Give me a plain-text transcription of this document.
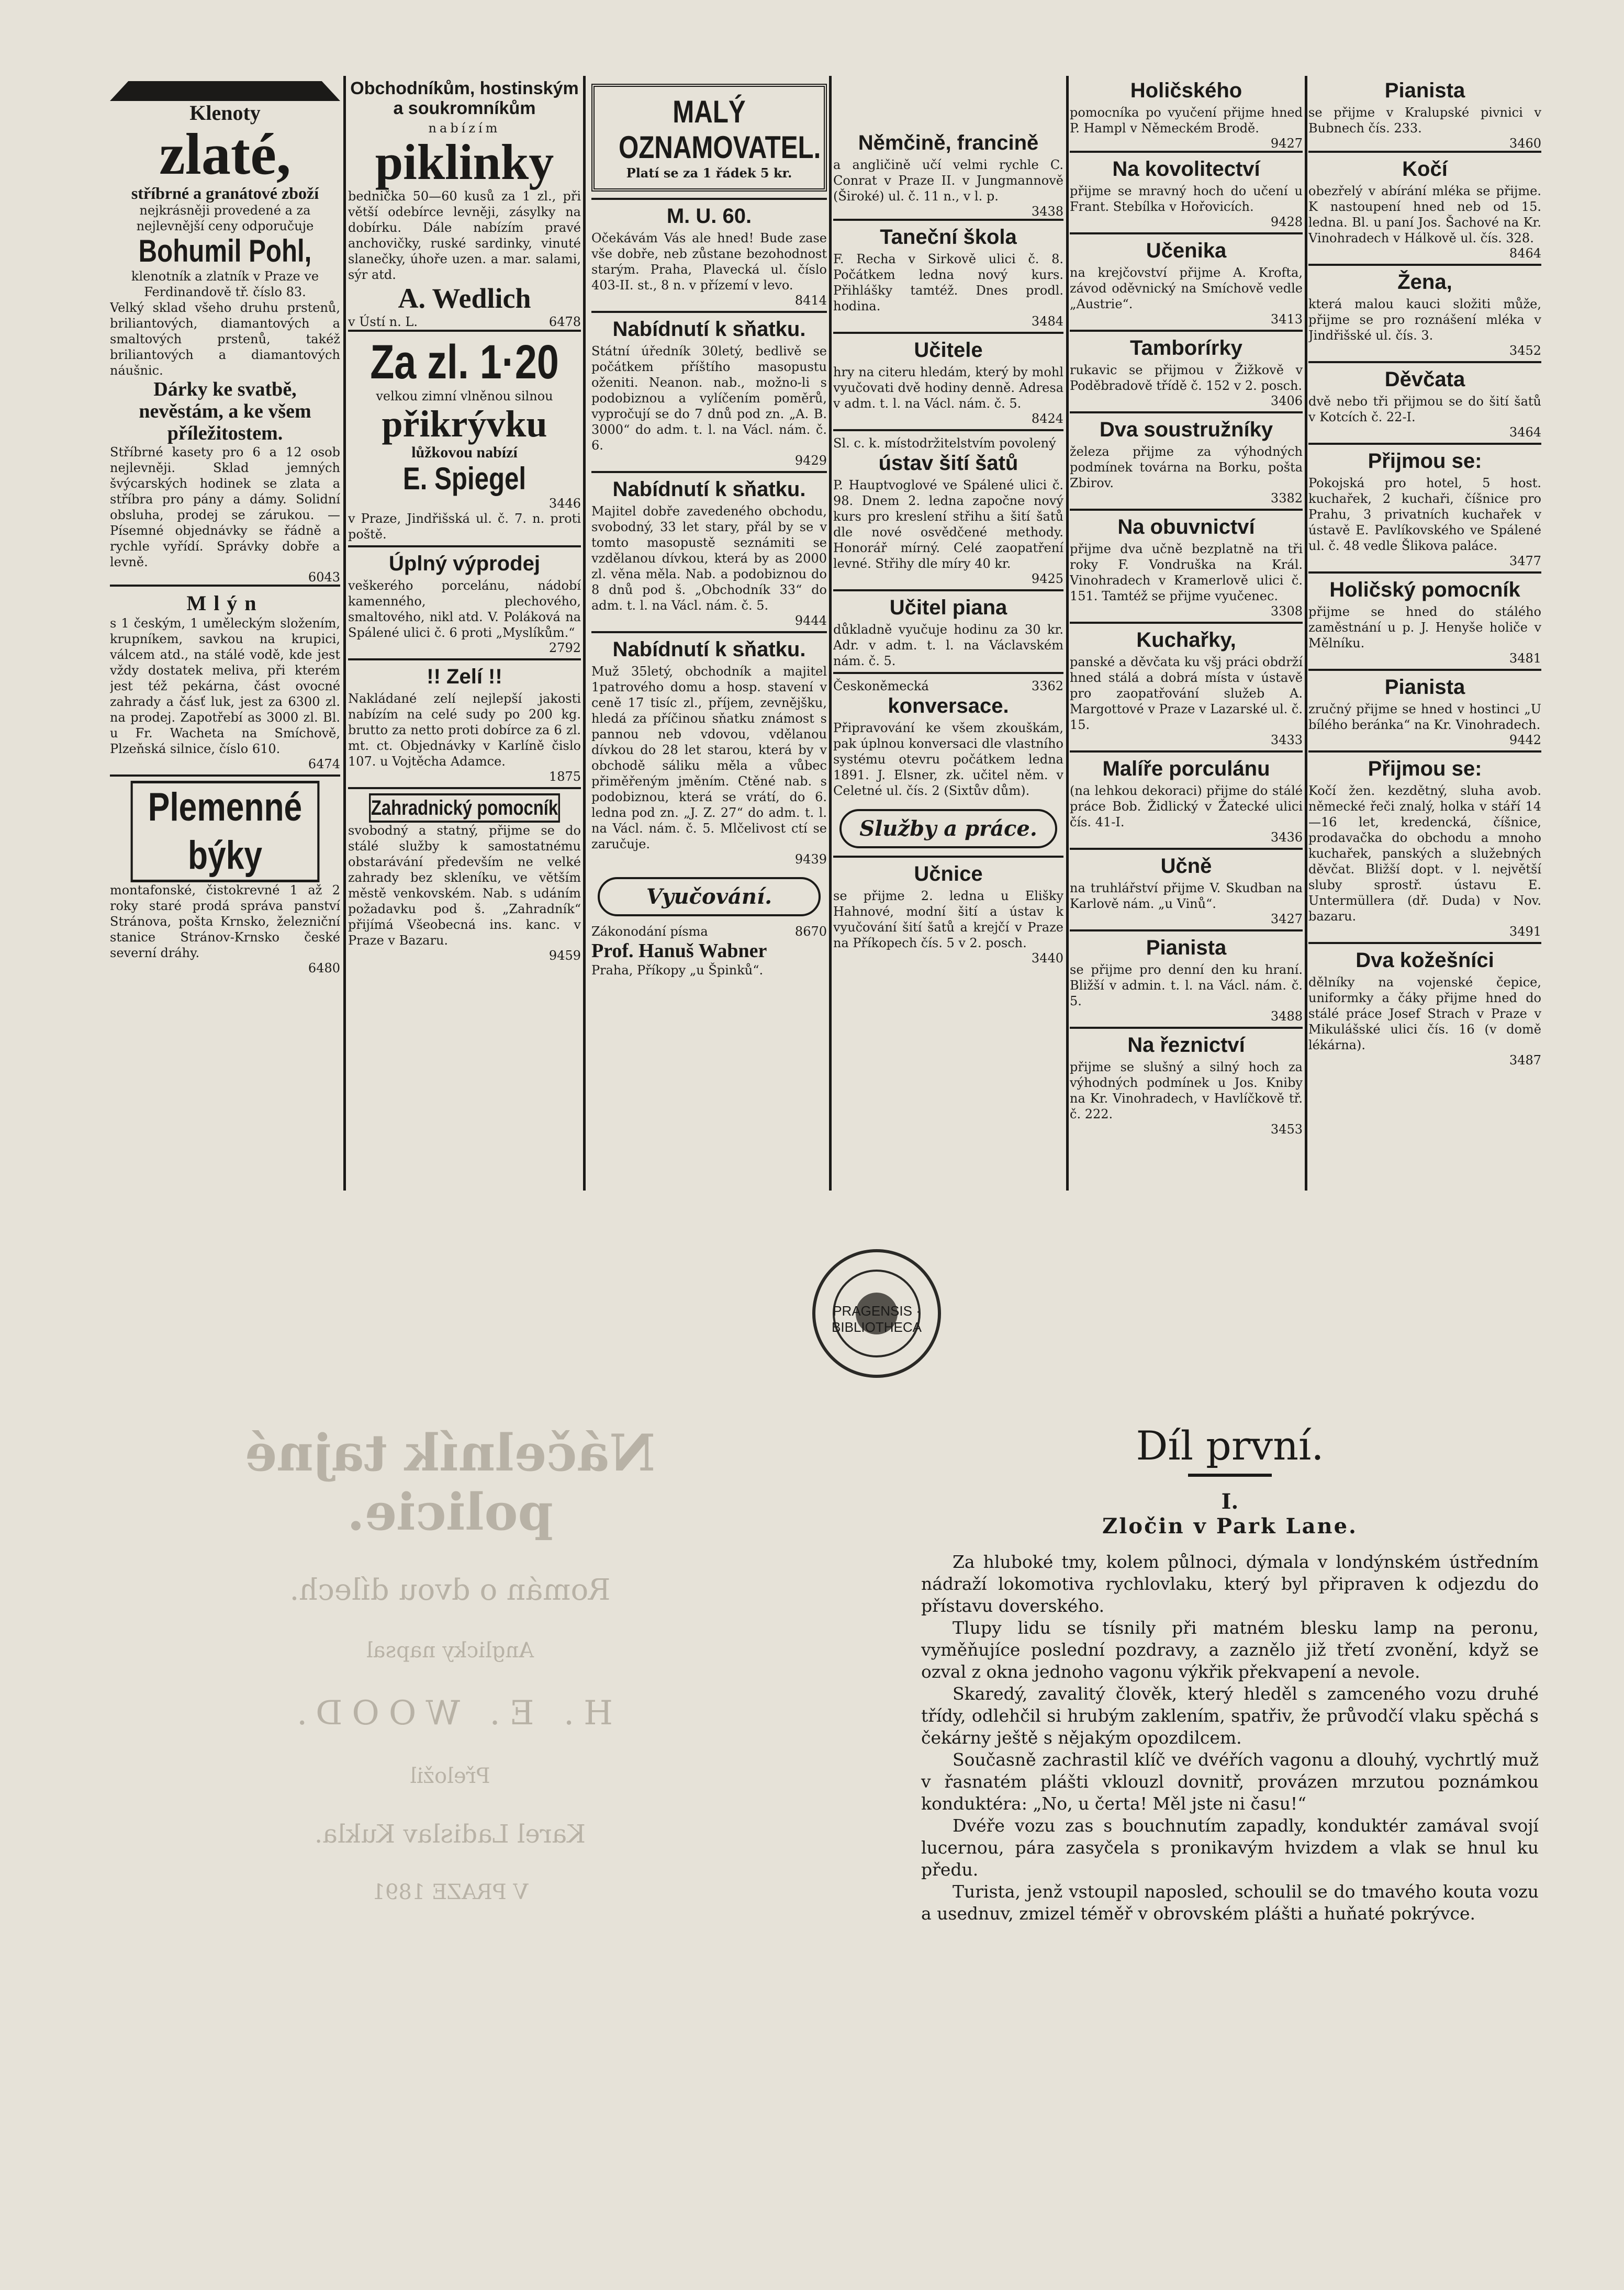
Klenoty
zlaté,
stříbrné a granátové zboží
nejkrásněji provedené a za nejlevnější ceny odporučuje
Bohumil Pohl,
klenotník a zlatník v Praze ve Ferdinandově tř. číslo 83.
Velký sklad všeho druhu prstenů, briliantových, diamantových a smaltových prstenů, takéž briliantových a diamantových náušnic.
Dárky ke svatbě, nevěstám, a ke všem příležitostem.
Stříbrné kasety pro 6 a 12 osob nejlevněji. Sklad jemných švýcarských hodinek se zlata a stříbra pro pány a dámy. Solidní obsluha, prodej se zárukou. — Písemné objednávky se řádně a rychle vyřídí. Správky dobře a levně.
6043
Mlýn
s 1 českým, 1 uměleckým složením, krupníkem, savkou na krupici, válcem atd., na stálé vodě, kde jest vždy dostatek meliva, při kterém jest též pekárna, část ovocné zahrady a čásť luk, jest za 6300 zl. na prodej. Zapotřebí as 3000 zl. Bl. u Fr. Wacheta na Smíchově, Plzeňská silnice, číslo 610.
6474
Plemenné býky
montafonské, čistokrevné 1 až 2 roky staré prodá správa panství Stránova, pošta Krnsko, železniční stanice Stránov-Krnsko české severní dráhy.
6480
Obchodníkům, hostinským a soukromníkům
nabízím
piklinky
bednička 50—60 kusů za 1 zl., při větší odebírce levněji, zásylky na dobírku. Dále nabízím pravé anchovičky, ruské sardinky, vinuté slanečky, úhoře uzen. a mar. salami, sýr atd.
A. Wedlich
v Ústí n. L.	6478
Za zl. 1·20
velkou zimní vlněnou silnou
přikrývku
lůžkovou nabízí
E. Spiegel
3446
v Praze, Jindřišská ul. č. 7. n. proti poště.
Úplný výprodej
veškerého porcelánu, nádobí kamenného, plechového, smaltového, nikl atd. V. Poláková na Spálené ulici č. 6 proti „Myslíkům.“
2792
!! Zelí !!
Nakládané zelí nejlepší jakosti nabízím na celé sudy po 200 kg. brutto za netto proti dobírce za 6 zl. mt. ct. Objednávky v Karlíně čislo 107. u Vojtěcha Adamce.
1875
Zahradnický pomocník
svobodný a statný, přijme se do stálé služby k samostatnému obstarávání především ne velké zahrady bez skleníku, ve větším městě venkovském. Nab. s udáním požadavku pod š. „Zahradník“ přijímá Všeobecná ins. kanc. v Praze v Bazaru.
9459
MALÝ OZNAMOVATEL.
Platí se za 1 řádek 5 kr.
M. U. 60.
Očekávám Vás ale hned! Bude zase vše dobře, neb zůstane bezohodnost starým. Praha, Plavecká ul. číslo 403-II. st., 8 n. v přízemí v levo.
8414
Nabídnutí k sňatku.
Státní úředník 30letý, bedlivě se počátkem příštího masopustu oženiti. Neanon. nab., možno-li s podobiznou a vylíčením poměrů, vypročují se do 7 dnů pod zn. „A. B. 3000“ do adm. t. l. na Václ. nám. č. 6.
9429
Nabídnutí k sňatku.
Majitel dobře zavedeného obchodu, svobodný, 33 let stary, přál by se v tomto masopustě seznámiti se vzdělanou dívkou, která by as 2000 zl. věna měla. Nab. a podobiznou do 8 dnů pod š. „Obchodník 33“ do adm. t. l. na Václ. nám. č. 5.
9444
Nabídnutí k sňatku.
Muž 35letý, obchodník a majitel 1patrového domu a hosp. stavení v ceně 17 tisíc zl., příjem, zevnějšku, hledá za příčinou sňatku známost s pannou neb vdovou, vdělanou dívkou do 28 let starou, která by v obchodě sáliku měla a vůbec přiměřeným jměním. Ctěné nab. s podobiznou, která se vrátí, do 6. ledna pod zn. „J. Z. 27“ do adm. t. l. na Václ. nám. č. 5. Mlčelivost ctí se zaručuje.
9439
Vyučování.
Zákonodání písma	8670
Prof. Hanuš Wabner
Praha, Příkopy „u Špinků“.
Němčině, francině
a angličině učí velmi rychle C. Conrat v Praze II. v Jungmannově (Široké) ul. č. 11 n., v l. p.
3438
Taneční škola
F. Recha v Sirkově ulici č. 8. Počátkem ledna nový kurs. Přihlášky tamtéž. Dnes prodl. hodina.
3484
Učitele
hry na citeru hledám, který by mohl vyučovati dvě hodiny denně. Adresa v adm. t. l. na Václ. nám. č. 5.
8424
Sl. c. k. místodržitelstvím povolený
ústav šití šatů
P. Hauptvoglové ve Spálené ulici č. 98. Dnem 2. ledna započne nový kurs pro kreslení střihu a šití šatů dle nové osvědčené methody. Honorář mírný. Celé zaopatření levné. Střihy dle míry 40 kr.
9425
Učitel piana
důkladně vyučuje hodinu za 30 kr. Adr. v adm. t. l. na Václavském nám. č. 5.
Českoněmecká	3362
konversace.
Připravování ke všem zkouškám, pak úplnou konversaci dle vlastního systému otevru počátkem ledna 1891. J. Elsner, zk. učitel něm. v Celetné ul. čís. 2 (Sixtův dům).
Služby a práce.
Učnice
se přijme 2. ledna u Elišky Hahnové, modní šití a ústav k vyučování šití šatů a krejčí v Praze na Příkopech čís. 5 v 2. posch.
3440
Holičského
pomocníka po vyučení přijme hned P. Hampl v Německém Brodě.
9427
Na kovolitectví
přijme se mravný hoch do učení u Frant. Stebílka v Hořovicích.
9428
Učenika
na krejčovství přijme A. Krofta, závod oděvnický na Smíchově vedle „Austrie“.
3413
Tamborírky
rukavic se přijmou v Žižkově v Poděbradově třídě č. 152 v 2. posch.
3406
Dva soustružníky
železa přijme za výhodných podmínek továrna na Borku, pošta Zbirov.
3382
Na obuvnictví
přijme dva učně bezplatně na tři roky F. Vondruška na Král. Vinohradech v Kramerlově ulici č. 151. Tamtéž se přijme vyučenec.
3308
Kuchařky,
panské a děvčata ku všj práci obdrží hned stálá a dobrá místa v ústavě pro zaopatřování služeb A. Margottové v Praze v Lazarské ul. č. 15.
3433
Malíře porculánu
(na lehkou dekoraci) přijme do stálé práce Bob. Židlický v Žatecké ulici čís. 41-I.
3436
Učně
na truhlářství přijme V. Skudban na Karlově nám. „u Vinů“.
3427
Pianista
se přijme pro denní den ku hraní. Bližší v admin. t. l. na Václ. nám. č. 5.
3488
Na řeznictví
přijme se slušný a silný hoch za výhodných podmínek u Jos. Kniby na Kr. Vinohradech, v Havlíčkově tř. č. 222.
3453
Pianista
se přijme v Kralupské pivnici v Bubnech čís. 233.
3460
Kočí
obezřelý v abírání mléka se přijme. K nastoupení hned neb od 15. ledna. Bl. u paní Jos. Šachové na Kr. Vinohradech v Hálkově ul. čís. 328.
8464
Žena,
která malou kauci složiti může, přijme se pro roznášení mléka v Jindřišské ul. čís. 3.
3452
Děvčata
dvě nebo tři přijmou se do šití šatů v Kotcích č. 22-I.
3464
Přijmou se:
Pokojská pro hotel, 5 host. kuchařek, 2 kuchaři, číšnice pro Prahu, 3 privatních kuchařek v ústavě E. Pavlíkovského ve Spálené ul. č. 48 vedle Šlikova paláce.
3477
Holičský pomocník
přijme se hned do stálého zaměstnání u p. J. Henyše holiče v Mělníku.
3481
Pianista
zručný přijme se hned v hostinci „U bílého beránka“ na Kr. Vinohradech.
9442
Přijmou se:
Kočí žen. kezdětný, sluha avob. německé řeči znalý, holka v stáří 14—16 let, kredencká, číšnice, prodavačka do obchodu a mnoho kuchařek, panských a služebných děvčat. Bližší dopt. v l. největší sluby sprostř. ústavu E. Untermüllera (dř. Duda) v Nov. bazaru.
3491
Dva kožešníci
dělníky na vojenské čepice, uniformky a čáky přijme hned do stálé práce Josef Strach v Praze v Mikulášské ulici čís. 16 (v domě lékárna).
3487
PRAGENSIS · BIBLIOTHECA
Náčelník tajné policie.
Román o dvou dílech.
Anglicky napsal
H. E. WOOD.
Přeložil
Karel Ladislav Kukla.
V PRAZE 1891
Díl první.
I.
Zločin v Park Lane.

Za hluboké tmy, kolem půlnoci, dýmala v londýnském ústředním nádraží lokomotiva rychlovlaku, který byl připraven k odjezdu do přístavu doverského.

Tlupy lidu se tísnily při matném blesku lamp na peronu, vyměňujíce poslední pozdravy, a zaznělo již třetí zvonění, když se ozval z okna jednoho vagonu výkřik překvapení a nevole.

Skaredý, zavalitý člověk, který hleděl s zamceného vozu druhé třídy, odlehčil si hrubým zaklením, spatřiv, že průvodčí vlaku spěchá s čekárny ještě s nějakým opozdilcem.

Současně zachrastil klíč ve dvéřích vagonu a dlouhý, vychrtlý muž v řasnatém plášti vklouzl dovnitř, provázen mrzutou poznámkou konduktéra: „No, u čerta! Měl jste ni času!“

Dvéře vozu zas s bouchnutím zapadly, konduktér zamával svojí lucernou, pára zasyčela s pronikavým hvizdem a vlak se hnul ku předu.

Turista, jenž vstoupil naposled, schoulil se do tmavého kouta vozu a usednuv, zmizel téměř v obrovském plášti a huňaté pokrývce.
